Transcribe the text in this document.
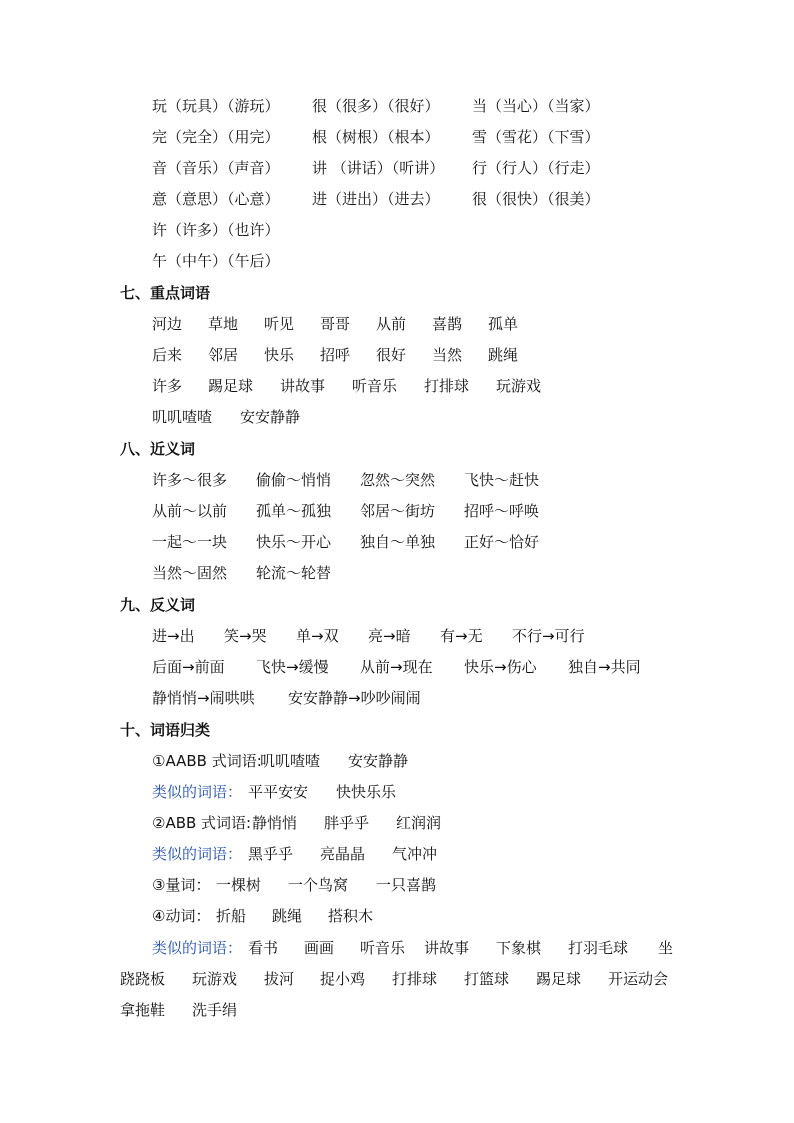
玩（玩具）（游玩） 很（很多）（很好） 当（当心）（当家）
完（完全）（用完） 根（树根）（根本） 雪（雪花）（下雪）
音（音乐）（声音） 讲 （讲话）（听讲） 行（行人）（行走）
意（意思）（心意） 进（进出）（进去） 很（很快）（很美）
许（许多）（也许）
午（中午）（午后）
七、重点词语
河边 草地 听见 哥哥 从前 喜鹊 孤单
后来 邻居 快乐 招呼 很好 当然 跳绳
许多 踢足球 讲故事 听音乐 打排球 玩游戏
叽叽喳喳 安安静静
八、近义词
许多～很多 偷偷～悄悄 忽然～突然 飞快～赶快
从前～以前 孤单～孤独 邻居～街坊 招呼～呼唤
一起～一块 快乐～开心 独自～单独 正好～恰好
当然～固然 轮流～轮替
九、反义词
进→出 笑→哭 单→双 亮→暗 有→无 不行→可行
后面→前面 飞快→缓慢 从前→现在 快乐→伤心 独自→共同
静悄悄→闹哄哄 安安静静→吵吵闹闹
十、词语归类
①AABB 式词语:
叽叽喳喳 安安静静
类似的词语： 平平安安 快快乐乐
②ABB 式词语: 静悄悄 胖乎乎 红润润
类似的词语： 黑乎乎 亮晶晶 气冲冲
③量词： 一棵树 一个鸟窝 一只喜鹊
④动词： 折船 跳绳 搭积木
类似的词语： 看书 画画 听音乐 讲故事 下象棋 打羽毛球 坐
跷跷板 玩游戏 拔河 捉小鸡 打排球 打篮球 踢足球 开运动会
拿拖鞋 洗手绢
